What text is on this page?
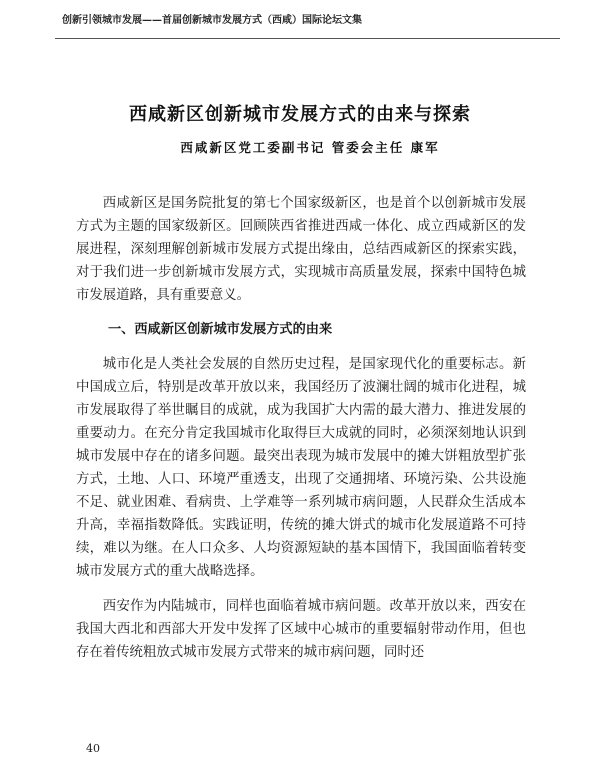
创新引领城市发展——首届创新城市发展方式（西咸）国际论坛文集
西咸新区创新城市发展方式的由来与探索
西咸新区党工委副书记 管委会主任 康军

西咸新区是国务院批复的第七个国家级新区，也是首个以创新城市发展方式为主题的国家级新区。回顾陕西省推进西咸一体化、成立西咸新区的发展进程，深刻理解创新城市发展方式提出缘由，总结西咸新区的探索实践，对于我们进一步创新城市发展方式，实现城市高质量发展，探索中国特色城市发展道路，具有重要意义。

一、西咸新区创新城市发展方式的由来

城市化是人类社会发展的自然历史过程，是国家现代化的重要标志。新中国成立后，特别是改革开放以来，我国经历了波澜壮阔的城市化进程，城市发展取得了举世瞩目的成就，成为我国扩大内需的最大潜力、推进发展的重要动力。在充分肯定我国城市化取得巨大成就的同时，必须深刻地认识到城市发展中存在的诸多问题。最突出表现为城市发展中的摊大饼粗放型扩张方式，土地、人口、环境严重透支，出现了交通拥堵、环境污染、公共设施不足、就业困难、看病贵、上学难等一系列城市病问题，人民群众生活成本升高，幸福指数降低。实践证明，传统的摊大饼式的城市化发展道路不可持续，难以为继。在人口众多、人均资源短缺的基本国情下，我国面临着转变城市发展方式的重大战略选择。

西安作为内陆城市，同样也面临着城市病问题。改革开放以来，西安在我国大西北和西部大开发中发挥了区域中心城市的重要辐射带动作用，但也存在着传统粗放式城市发展方式带来的城市病问题，同时还

40
